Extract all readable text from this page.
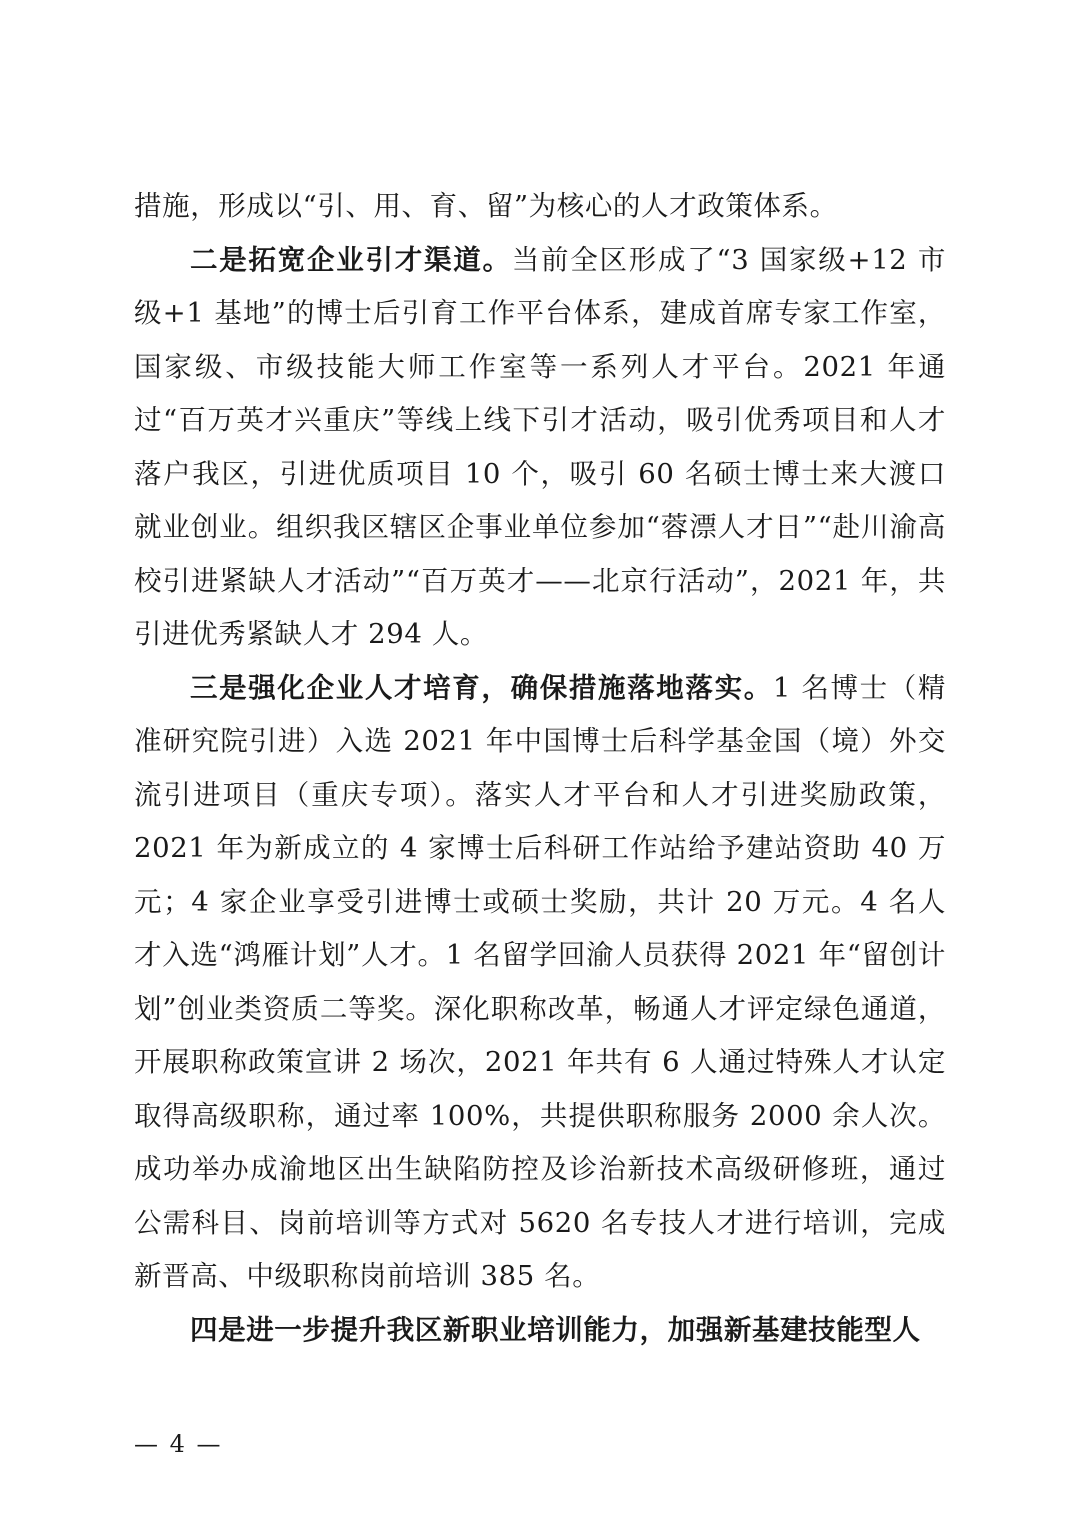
措施，形成以“引、用、育、留”为核心的人才政策体系。

二是拓宽企业引才渠道。当前全区形成了“3 国家级+12 市级+1 基地”的博士后引育工作平台体系，建成首席专家工作室，国家级、市级技能大师工作室等一系列人才平台。2021 年通过“百万英才兴重庆”等线上线下引才活动，吸引优秀项目和人才落户我区，引进优质项目 10 个，吸引 60 名硕士博士来大渡口就业创业。组织我区辖区企事业单位参加“蓉漂人才日”“赴川渝高校引进紧缺人才活动”“百万英才——北京行活动”，2021 年，共引进优秀紧缺人才 294 人。

三是强化企业人才培育，确保措施落地落实。1 名博士（精准研究院引进）入选 2021 年中国博士后科学基金国（境）外交流引进项目（重庆专项）。落实人才平台和人才引进奖励政策，2021 年为新成立的 4 家博士后科研工作站给予建站资助 40 万元；4 家企业享受引进博士或硕士奖励，共计 20 万元。4 名人才入选“鸿雁计划”人才。1 名留学回渝人员获得 2021 年“留创计划”创业类资质二等奖。深化职称改革，畅通人才评定绿色通道，开展职称政策宣讲 2 场次，2021 年共有 6 人通过特殊人才认定取得高级职称，通过率 100%，共提供职称服务 2000 余人次。成功举办成渝地区出生缺陷防控及诊治新技术高级研修班，通过公需科目、岗前培训等方式对 5620 名专技人才进行培训，完成新晋高、中级职称岗前培训 385 名。

四是进一步提升我区新职业培训能力，加强新基建技能型人

— 4 —
